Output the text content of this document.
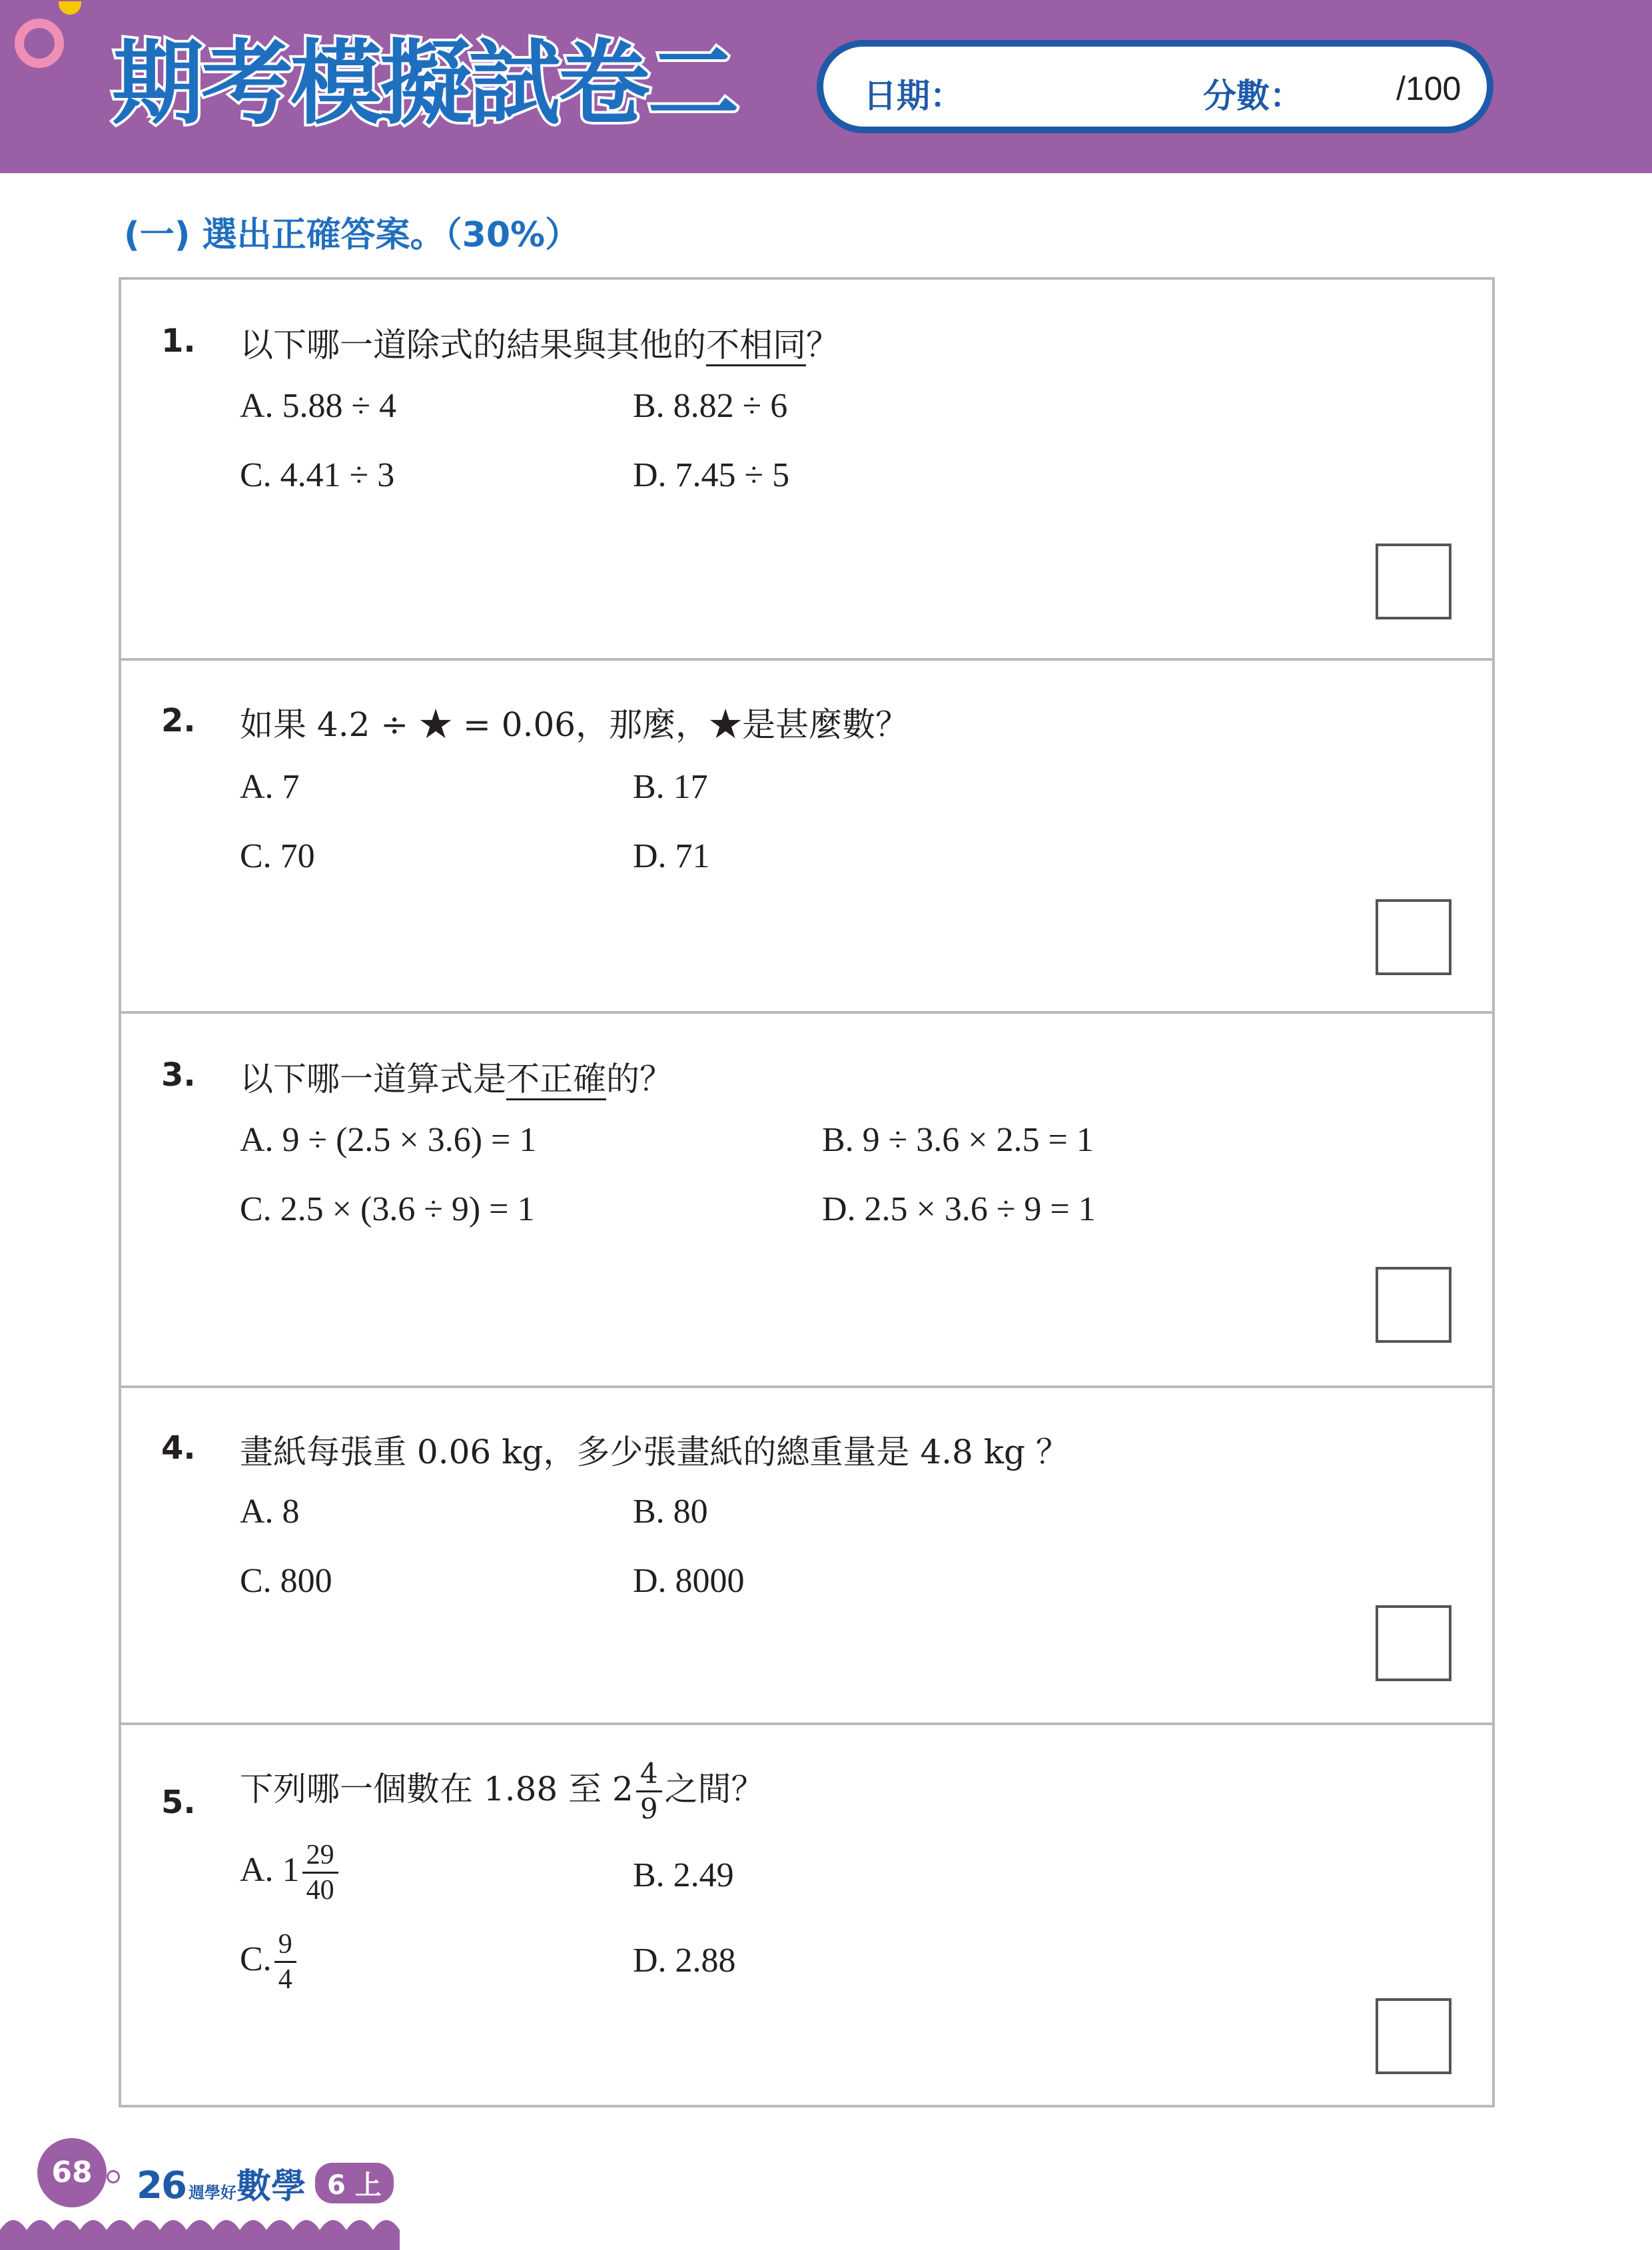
期考模擬試卷二	日期：	分數：	/100
(一) 選出正確答案。（30%）
1. 以下哪一道除式的結果與其他的不相同？
A. 5.88 ÷ 4	B. 8.82 ÷ 6
C. 4.41 ÷ 3	D. 7.45 ÷ 5
2. 如果 4.2 ÷ ★ = 0.06，那麼，★是甚麼數？
A. 7	B. 17
C. 70	D. 71
3. 以下哪一道算式是不正確的？
A. 9 ÷ (2.5 × 3.6) = 1	B. 9 ÷ 3.6 × 2.5 = 1
C. 2.5 × (3.6 ÷ 9) = 1	D. 2.5 × 3.6 ÷ 9 = 1
4. 畫紙每張重 0.06 kg，多少張畫紙的總重量是 4.8 kg ？
A. 8	B. 80
C. 800	D. 8000
5. 下列哪一個數在 1.88 至 $2 \frac{4}{9}$ 之間？
A. $1 \frac{29}{40}$	B. 2.49
C. $\frac{9}{4}$	D. 2.88
68	26 週學好數學 6 上
